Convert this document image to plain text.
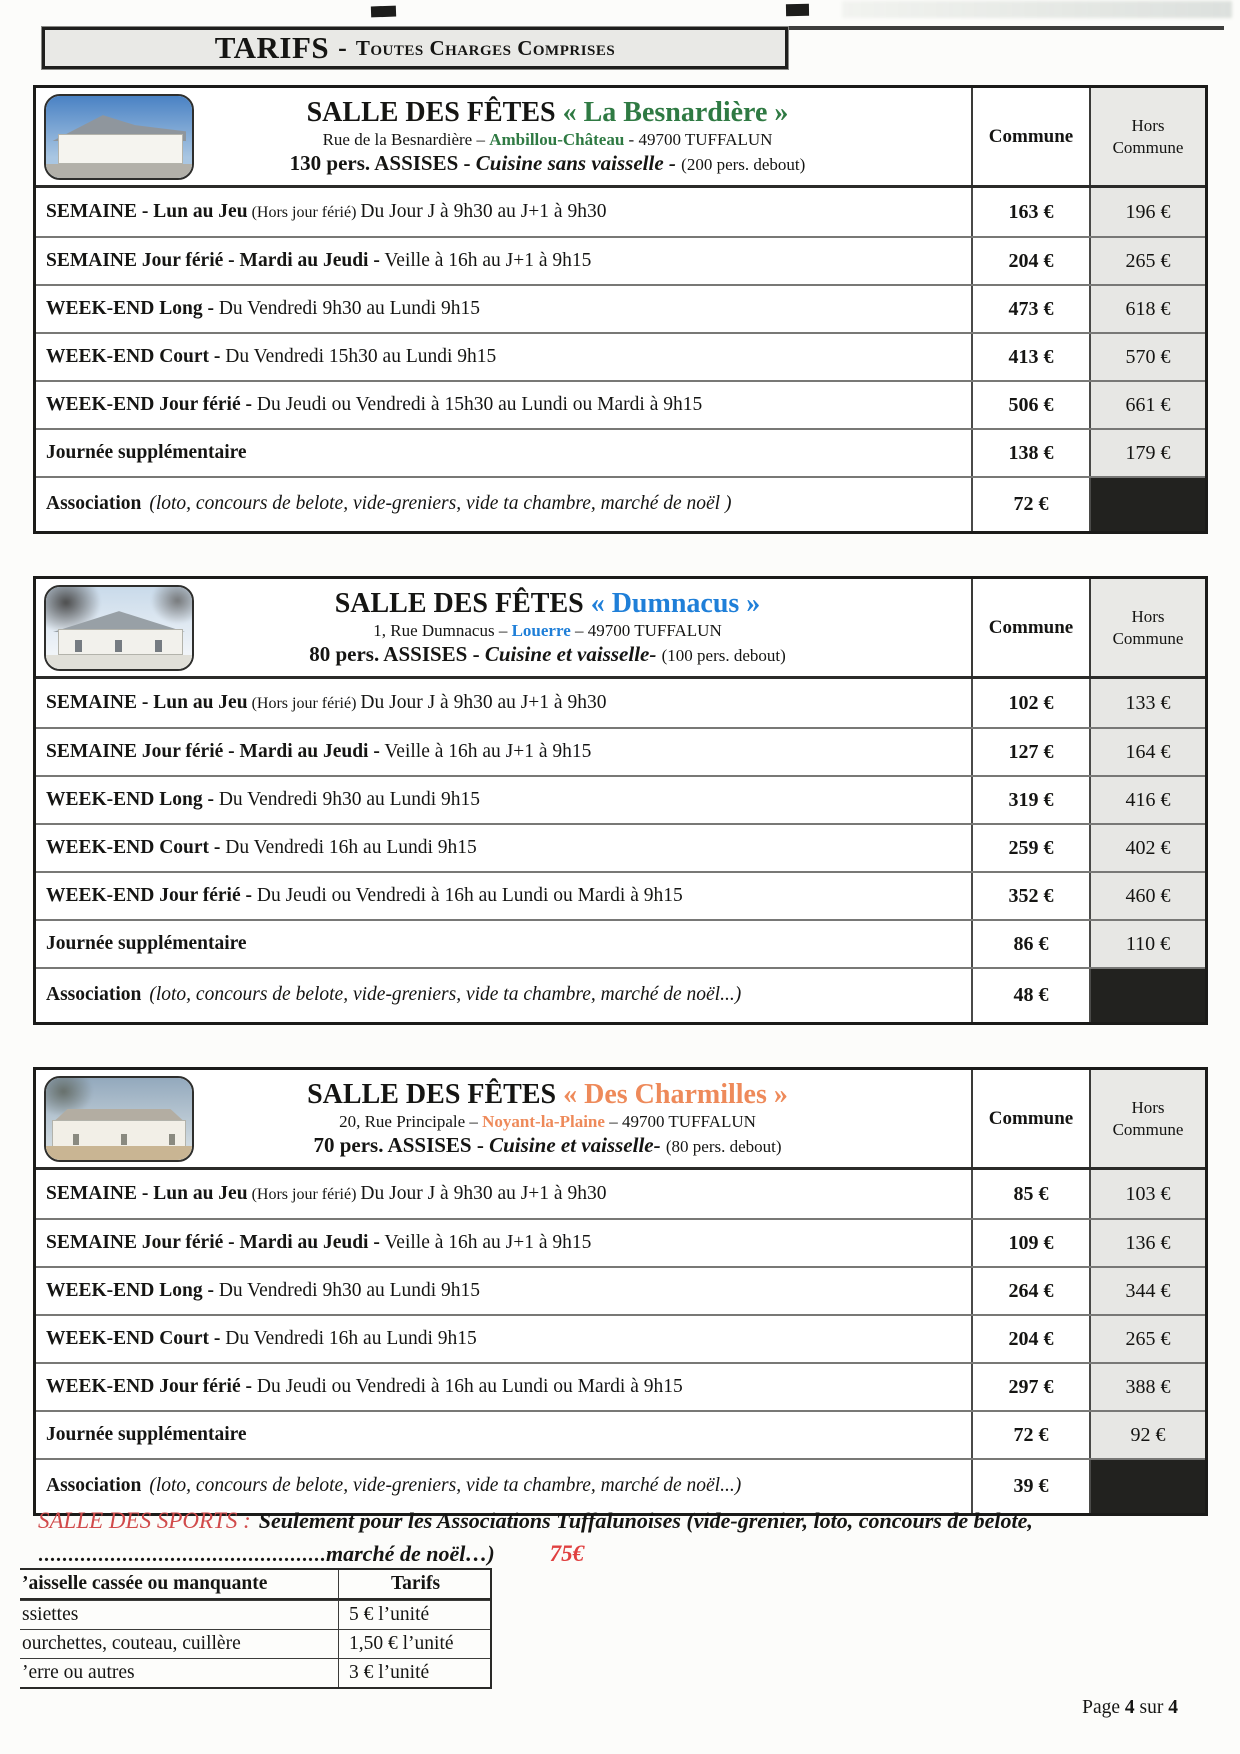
TARIFS - Toutes Charges Comprises
SALLE DES FÊTES « La Besnardière »
Rue de la Besnardière – Ambillou-Château - 49700 TUFFALUN
130 pers. ASSISES - Cuisine sans vaisselle - (200 pers. debout)
Commune	Hors Commune
SEMAINE - Lun au Jeu (Hors jour férié) Du Jour J à 9h30 au J+1 à 9h30	163 €	196 €
SEMAINE Jour férié - Mardi au Jeudi - Veille à 16h au J+1 à 9h15	204 €	265 €
WEEK-END Long - Du Vendredi 9h30 au Lundi 9h15	473 €	618 €
WEEK-END Court - Du Vendredi 15h30 au Lundi 9h15	413 €	570 €
WEEK-END Jour férié - Du Jeudi ou Vendredi à 15h30 au Lundi ou Mardi à 9h15	506 €	661 €
Journée supplémentaire	138 €	179 €
Association (loto, concours de belote, vide-greniers, vide ta chambre, marché de noël )	72 €
SALLE DES FÊTES « Dumnacus »
1, Rue Dumnacus – Louerre – 49700 TUFFALUN
80 pers. ASSISES - Cuisine et vaisselle- (100 pers. debout)
Commune	Hors Commune
SEMAINE - Lun au Jeu (Hors jour férié) Du Jour J à 9h30 au J+1 à 9h30	102 €	133 €
SEMAINE Jour férié - Mardi au Jeudi - Veille à 16h au J+1 à 9h15	127 €	164 €
WEEK-END Long - Du Vendredi 9h30 au Lundi 9h15	319 €	416 €
WEEK-END Court - Du Vendredi 16h au Lundi 9h15	259 €	402 €
WEEK-END Jour férié - Du Jeudi ou Vendredi à 16h au Lundi ou Mardi à 9h15	352 €	460 €
Journée supplémentaire	86 €	110 €
Association (loto, concours de belote, vide-greniers, vide ta chambre, marché de noël...)	48 €
SALLE DES FÊTES « Des Charmilles »
20, Rue Principale – Noyant-la-Plaine – 49700 TUFFALUN
70 pers. ASSISES - Cuisine et vaisselle- (80 pers. debout)
Commune	Hors Commune
SEMAINE - Lun au Jeu (Hors jour férié) Du Jour J à 9h30 au J+1 à 9h30	85 €	103 €
SEMAINE Jour férié - Mardi au Jeudi - Veille à 16h au J+1 à 9h15	109 €	136 €
WEEK-END Long - Du Vendredi 9h30 au Lundi 9h15	264 €	344 €
WEEK-END Court - Du Vendredi 16h au Lundi 9h15	204 €	265 €
WEEK-END Jour férié - Du Jeudi ou Vendredi à 16h au Lundi ou Mardi à 9h15	297 €	388 €
Journée supplémentaire	72 €	92 €
Association (loto, concours de belote, vide-greniers, vide ta chambre, marché de noël...)	39 €
SALLE DES SPORTS : Seulement pour les Associations Tuffalunoises (vide-grenier, loto, concours de belote,
................................................marché de noël…) 75€
’aisselle cassée ou manquante	Tarifs
ssiettes	5 € l’unité
ourchettes, couteau, cuillère	1,50 € l’unité
’erre ou autres	3 € l’unité
Page 4 sur 4
